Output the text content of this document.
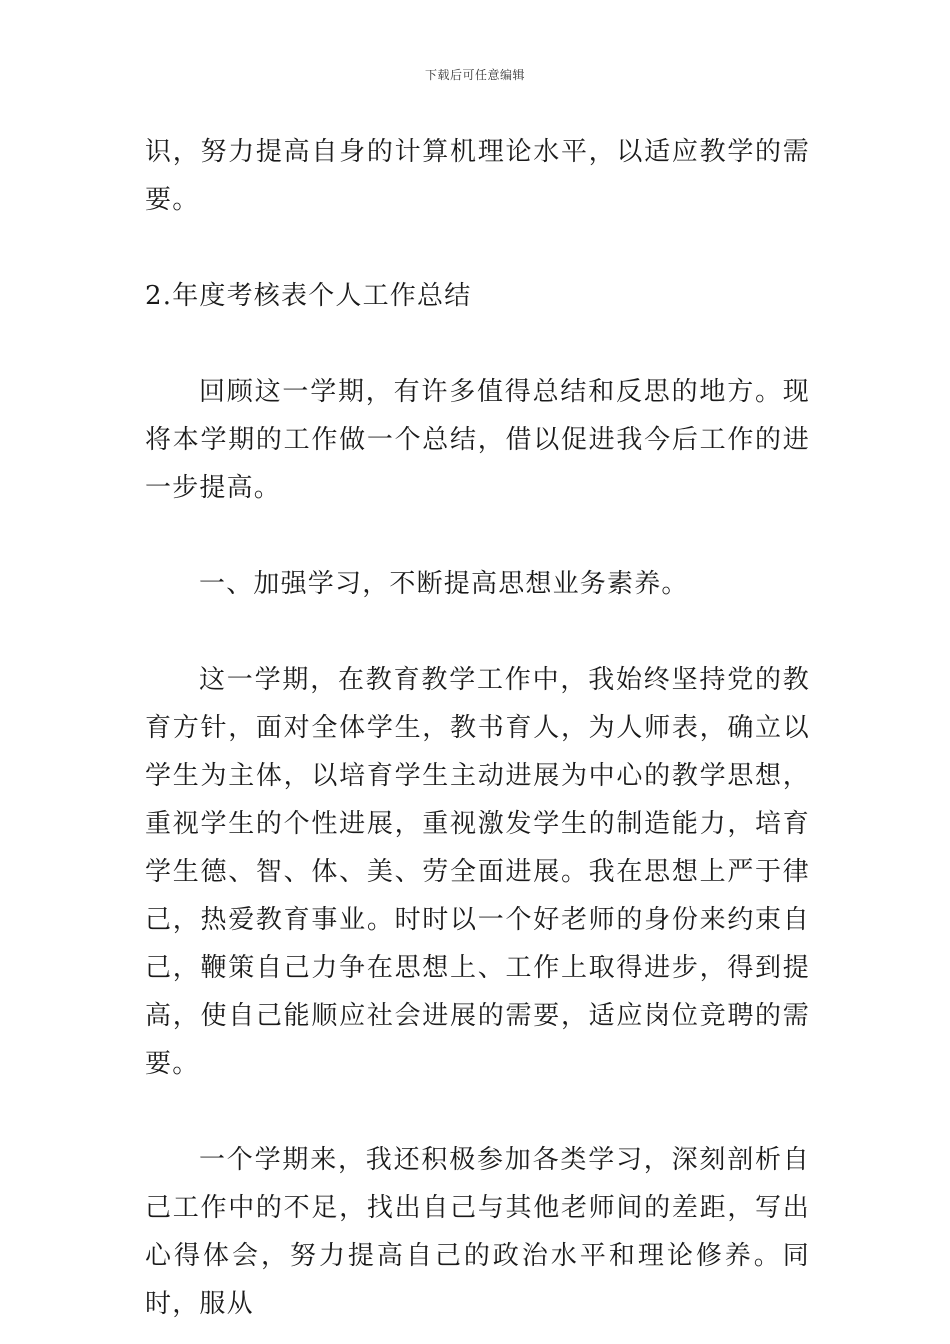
下载后可任意编辑

识，努力提高自身的计算机理论水平，以适应教学的需要。

2.年度考核表个人工作总结

回顾这一学期，有许多值得总结和反思的地方。现将本学期的工作做一个总结，借以促进我今后工作的进一步提高。

一、加强学习，不断提高思想业务素养。

这一学期，在教育教学工作中，我始终坚持党的教育方针，面对全体学生，教书育人，为人师表，确立以学生为主体，以培育学生主动进展为中心的教学思想，重视学生的个性进展，重视激发学生的制造能力，培育学生德、智、体、美、劳全面进展。我在思想上严于律己，热爱教育事业。时时以一个好老师的身份来约束自己，鞭策自己力争在思想上、工作上取得进步，得到提高，使自己能顺应社会进展的需要，适应岗位竞聘的需要。

一个学期来，我还积极参加各类学习，深刻剖析自己工作中的不足，找出自己与其他老师间的差距，写出心得体会，努力提高自己的政治水平和理论修养。同时，服从
